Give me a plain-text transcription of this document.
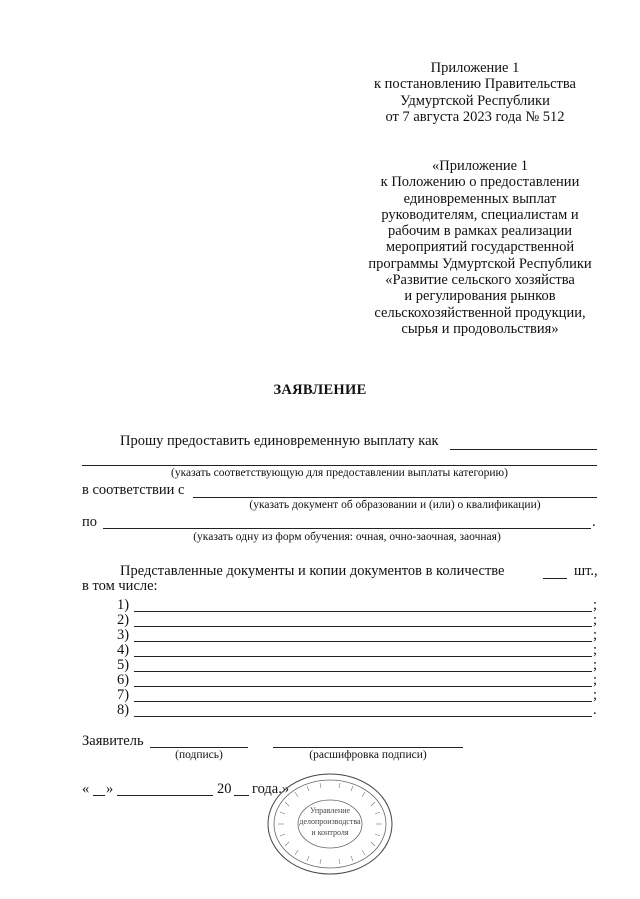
Приложение 1
к постановлению Правительства
Удмуртской Республики
от 7 августа 2023 года № 512
«Приложение 1
к Положению о предоставлении
единовременных выплат
руководителям, специалистам и
рабочим в рамках реализации
мероприятий государственной
программы Удмуртской Республики
«Развитие сельского хозяйства
и регулирования рынков
сельскохозяйственной продукции,
сырья и продовольствия»
ЗАЯВЛЕНИЕ
Прошу предоставить единовременную выплату как
(указать соответствующую для предоставлении выплаты категорию)
в соответствии с
(указать документ об образовании и (или) о квалификации)
по	.
(указать одну из форм обучения: очная, очно-заочная, заочная)
Представленные документы и копии документов в количестве	шт.,
в том числе:
1)	;
2)	;
3)	;
4)	;
5)	;
6)	;
7)	;
8)	.
Заявитель
(подпись)	(расшифровка подписи)
« »	20 года.»
Управление
делопроизводства
и контроля
